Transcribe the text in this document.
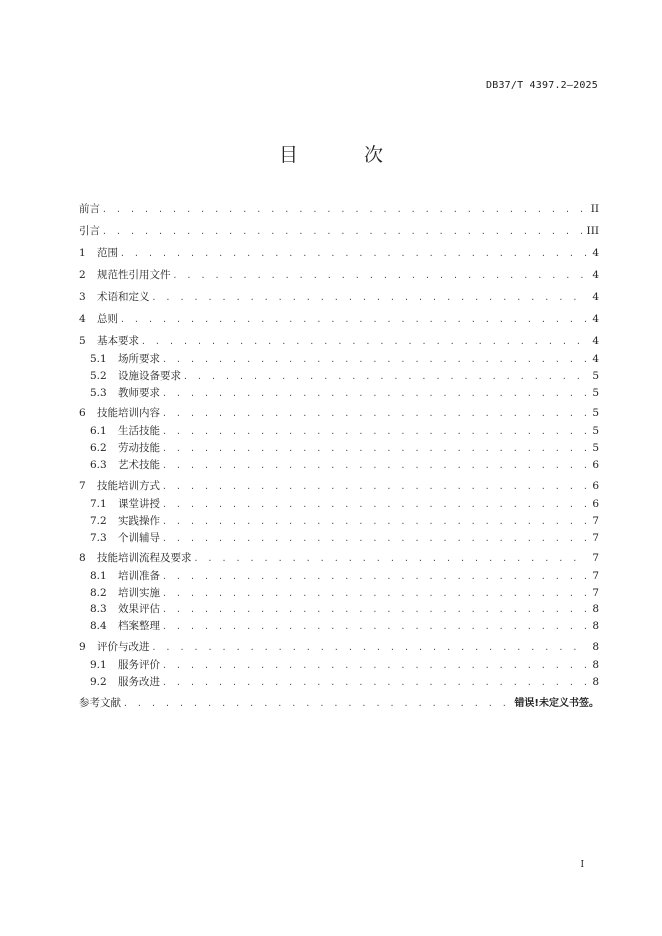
DB37/T 4397.2—2025
目 次
前言 . . .	II
引言 . . .	III
1	范围 . . .	4
2	规范性引用文件 . . .	4
3	术语和定义 . . .	4
4	总则 . . .	4
5	基本要求 . . .	4
5.1	场所要求 . . .	4
5.2	设施设备要求 . . .	5
5.3	教师要求 . . .	5
6	技能培训内容 . . .	5
6.1	生活技能 . . .	5
6.2	劳动技能 . . .	5
6.3	艺术技能 . . .	6
7	技能培训方式 . . .	6
7.1	课堂讲授 . . .	6
7.2	实践操作 . . .	7
7.3	个训辅导 . . .	7
8	技能培训流程及要求 . . .	7
8.1	培训准备 . . .	7
8.2	培训实施 . . .	7
8.3	效果评估 . . .	8
8.4	档案整理 . . .	8
9	评价与改进 . . .	8
9.1	服务评价 . . .	8
9.2	服务改进 . . .	8
参考文献 . . .	错误!未定义书签。
I
